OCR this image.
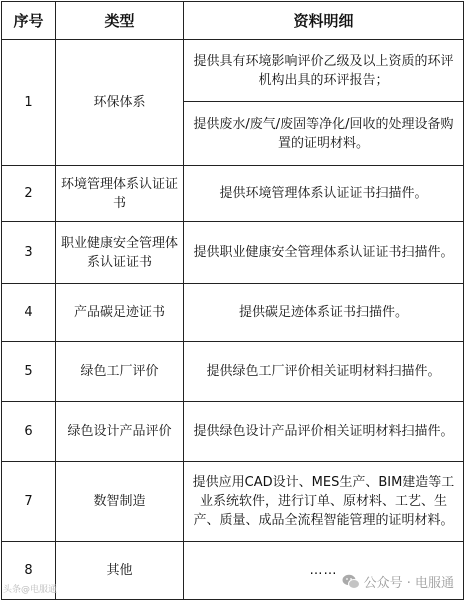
序号	类型	资料明细
1	环保体系	提供具有环境影响评价乙级及以上资质的环评机构出具的环评报告；
		提供废水/废气/废固等净化/回收的处理设备购置的证明材料。
2	环境管理体系认证证书	提供环境管理体系认证证书扫描件。
3	职业健康安全管理体系认证证书	提供职业健康安全管理体系认证证书扫描件。
4	产品碳足迹证书	提供碳足迹体系证书扫描件。
5	绿色工厂评价	提供绿色工厂评价相关证明材料扫描件。
6	绿色设计产品评价	提供绿色设计产品评价相关证明材料扫描件。
7	数智制造	提供应用CAD设计、MES生产、BIM建造等工业系统软件，进行订单、原材料、工艺、生产、质量、成品全流程智能管理的证明材料。
8	其他	……
头条@电服通	公众号 · 电服通
